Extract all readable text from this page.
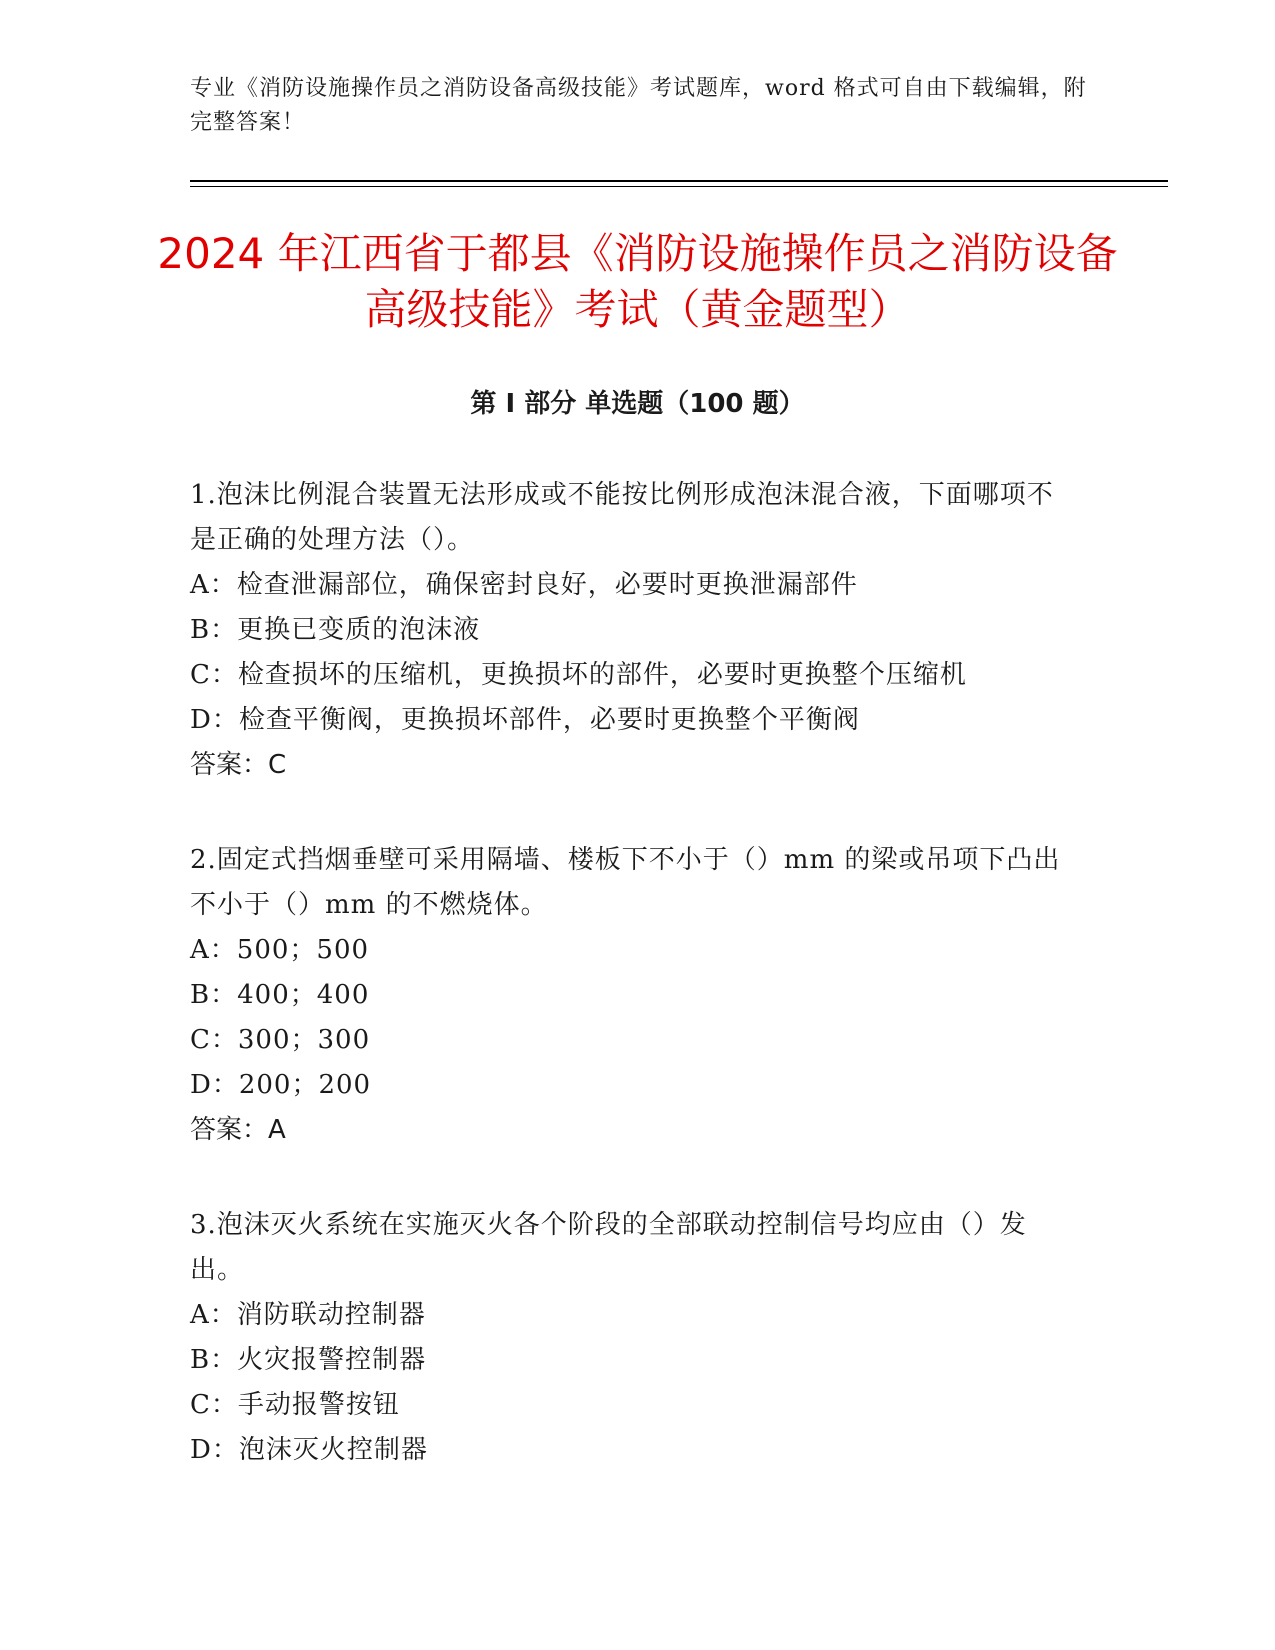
专业《消防设施操作员之消防设备高级技能》考试题库，word 格式可自由下载编辑，附完整答案！
2024 年江西省于都县《消防设施操作员之消防设备高级技能》考试（黄金题型）
第 I 部分 单选题（100 题）

1.泡沫比例混合装置无法形成或不能按比例形成泡沫混合液，下面哪项不是正确的处理方法（）。

A：检查泄漏部位，确保密封良好，必要时更换泄漏部件

B：更换已变质的泡沫液

C：检查损坏的压缩机，更换损坏的部件，必要时更换整个压缩机

D：检查平衡阀，更换损坏部件，必要时更换整个平衡阀

答案：C

2.固定式挡烟垂壁可采用隔墙、楼板下不小于（）mm 的梁或吊项下凸出不小于（）mm 的不燃烧体。

A：500；500

B：400；400

C：300；300

D：200；200

答案：A

3.泡沫灭火系统在实施灭火各个阶段的全部联动控制信号均应由（）发出。

A：消防联动控制器

B：火灾报警控制器

C：手动报警按钮

D：泡沫灭火控制器
